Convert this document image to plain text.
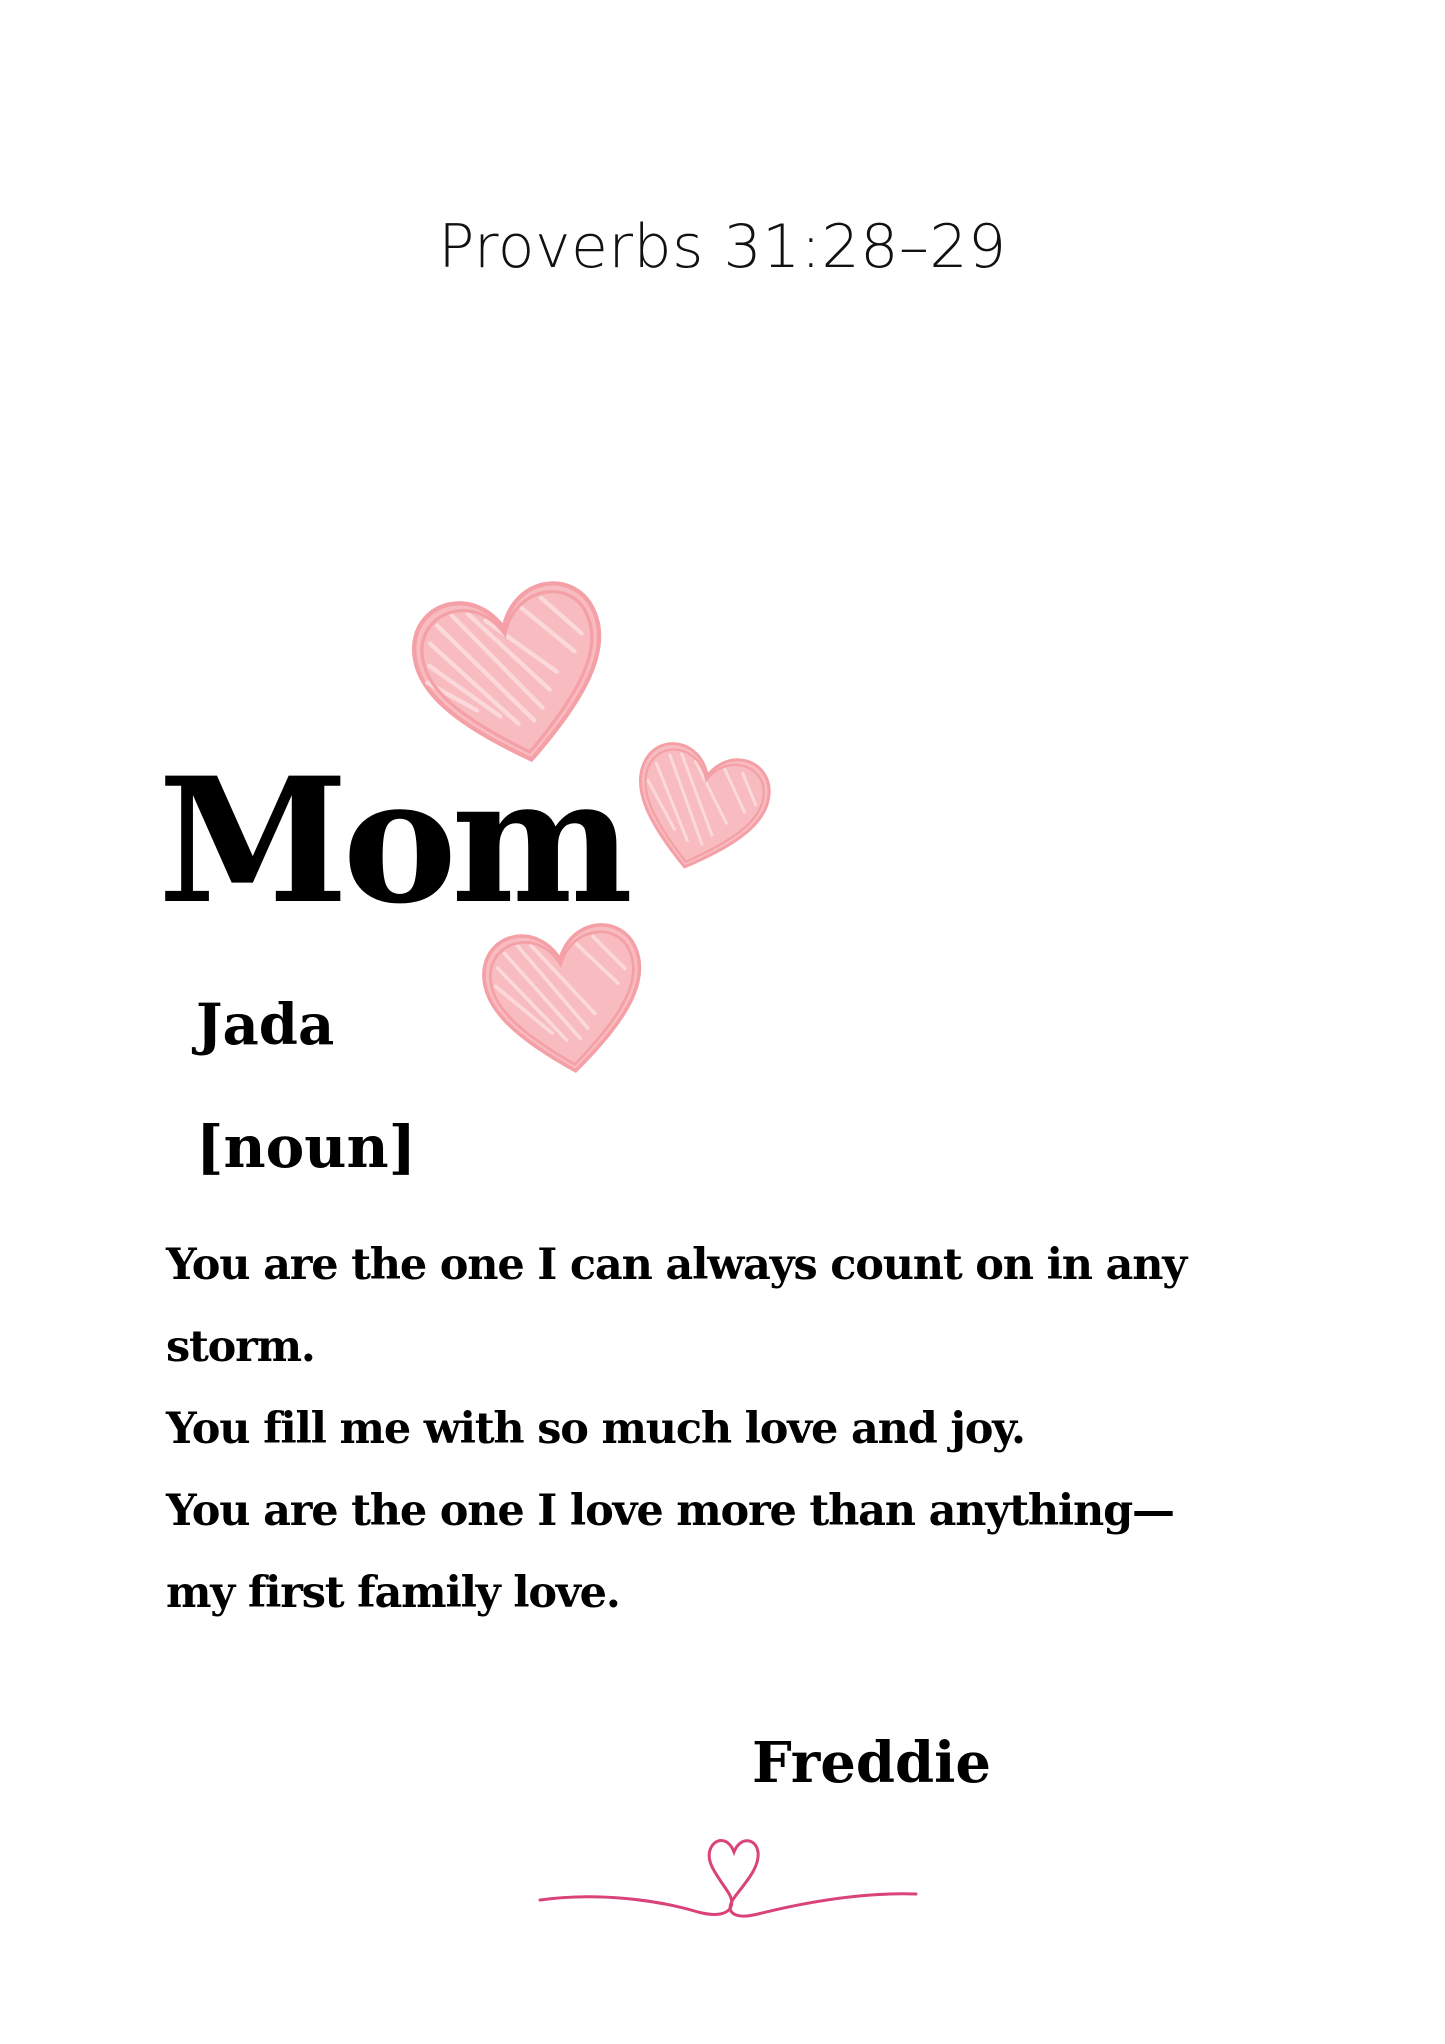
Proverbs 31:28–29
Mom
Jada
[noun]
You are the one I can always count on in any
storm.
You fill me with so much love and joy.
You are the one I love more than anything—
my first family love.
Freddie
